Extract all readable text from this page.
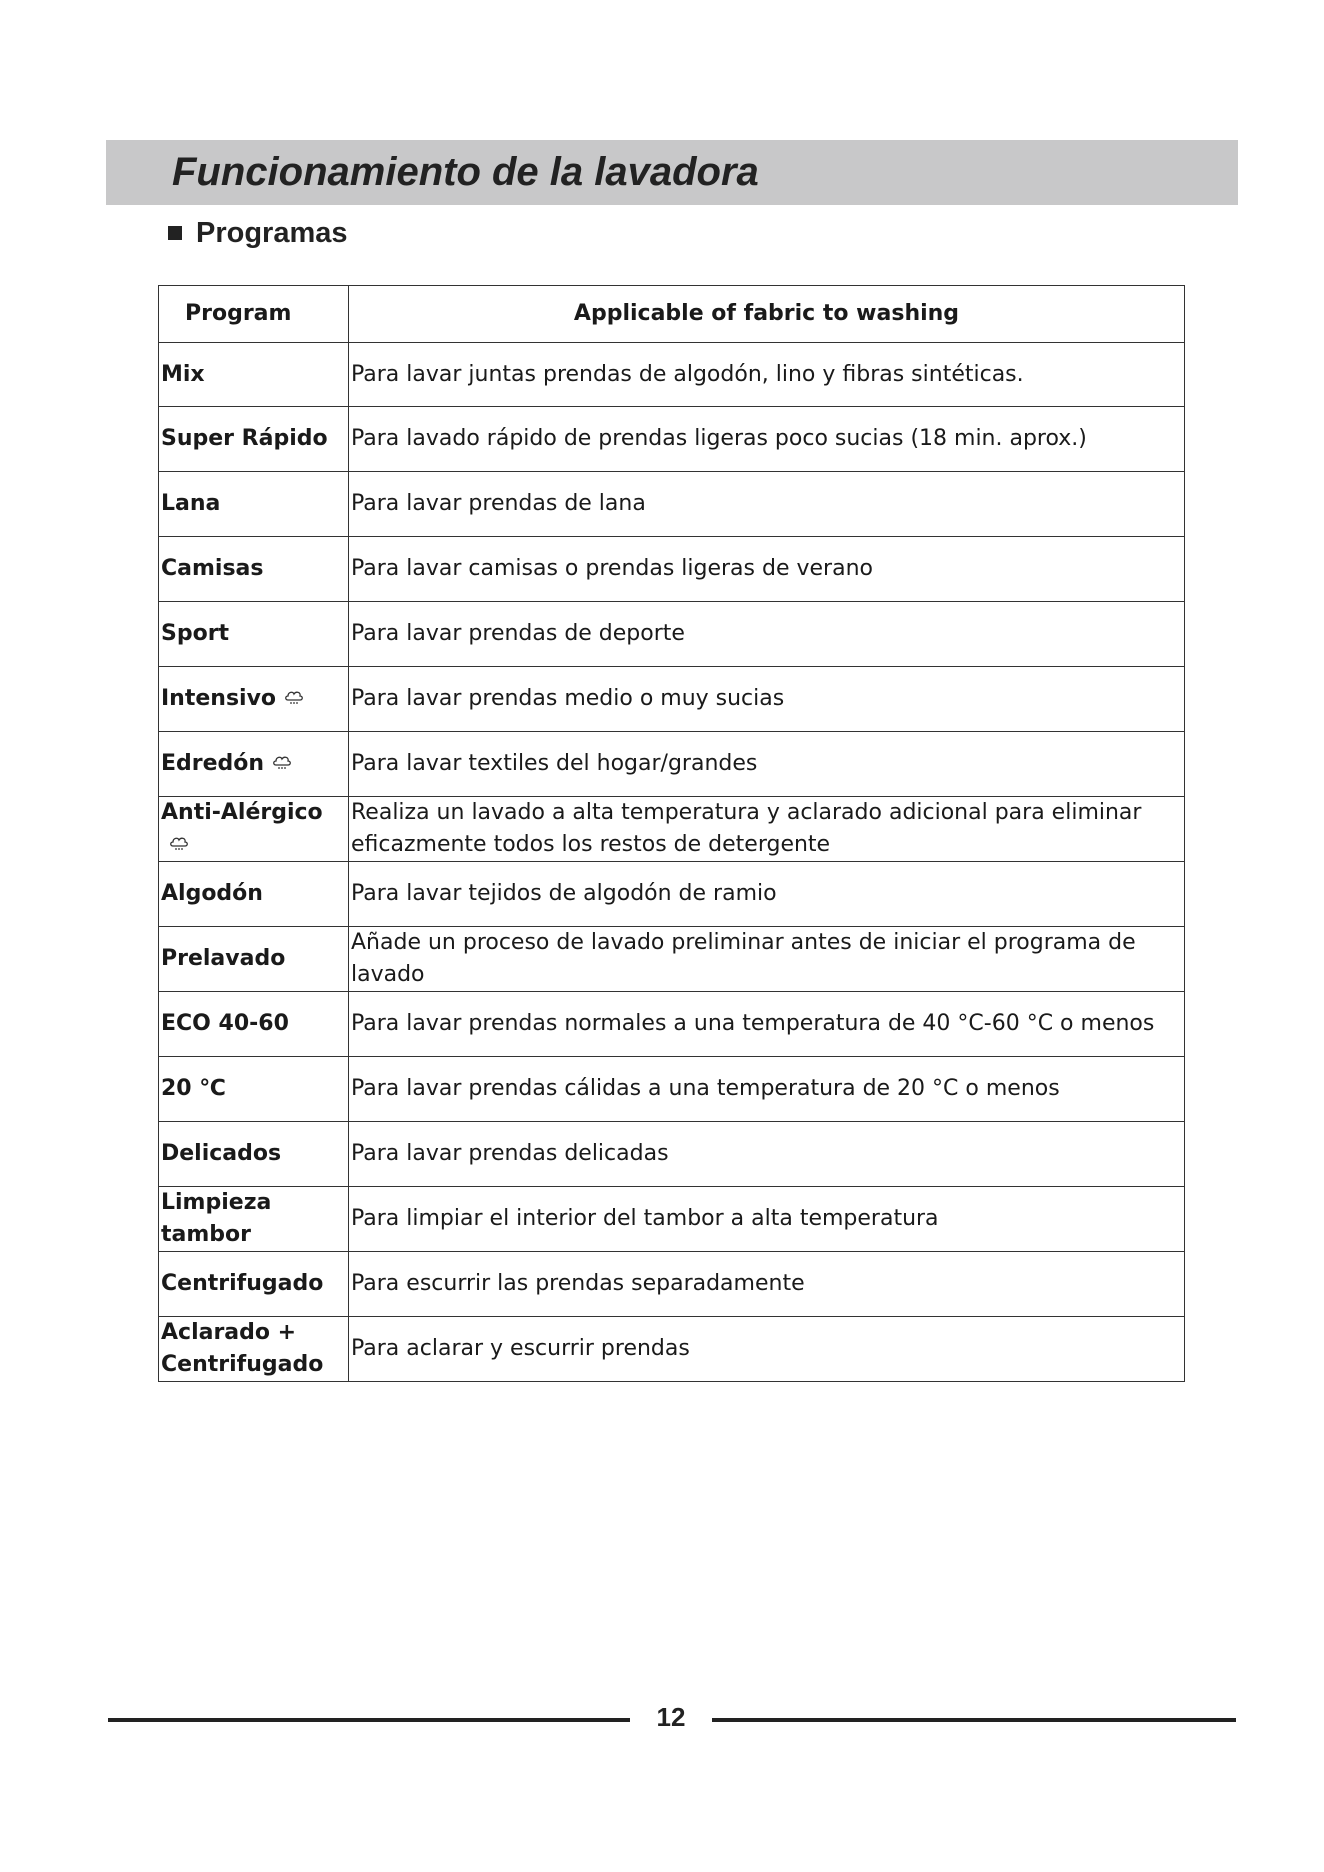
Funcionamiento de la lavadora
Programas
Program	Applicable of fabric to washing
Mix	Para lavar juntas prendas de algodón, lino y fibras sintéticas.
Super Rápido	Para lavado rápido de prendas ligeras poco sucias (18 min. aprox.)
Lana	Para lavar prendas de lana
Camisas	Para lavar camisas o prendas ligeras de verano
Sport	Para lavar prendas de deporte
Intensivo	Para lavar prendas medio o muy sucias
Edredón	Para lavar textiles del hogar/grandes
Anti-Alérgico	Realiza un lavado a alta temperatura y aclarado adicional para eliminar eficazmente todos los restos de detergente
Algodón	Para lavar tejidos de algodón de ramio
Prelavado	Añade un proceso de lavado preliminar antes de iniciar el programa de lavado
ECO 40-60	Para lavar prendas normales a una temperatura de 40 °C-60 °C o menos
20 ℃	Para lavar prendas cálidas a una temperatura de 20 °C o menos
Delicados	Para lavar prendas delicadas
Limpieza tambor	Para limpiar el interior del tambor a alta temperatura
Centrifugado	Para escurrir las prendas separadamente
Aclarado + Centrifugado	Para aclarar y escurrir prendas
12
